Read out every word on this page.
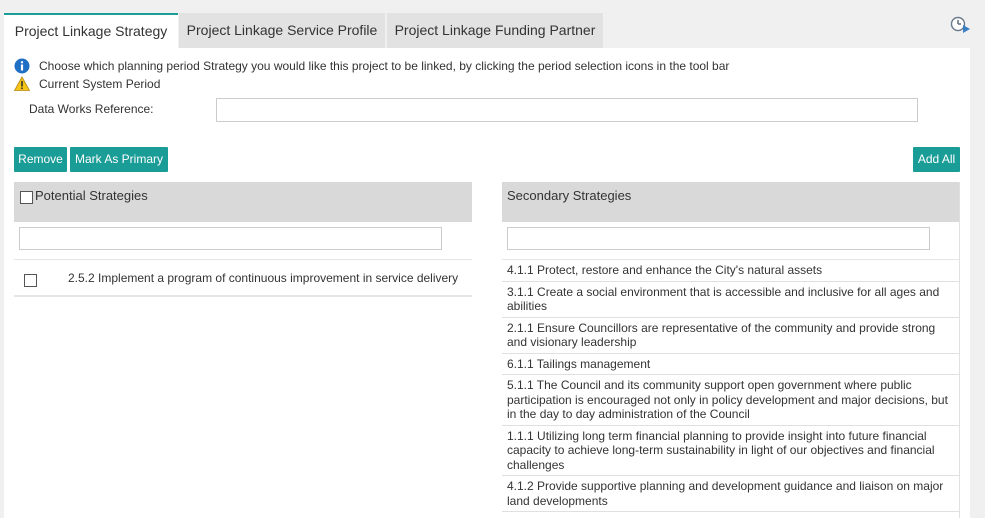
Project Linkage Strategy	Project Linkage Service Profile	Project Linkage Funding Partner
Choose which planning period Strategy you would like this project to be linked, by clicking the period selection icons in the tool bar
Current System Period
Data Works Reference:
Remove	Mark As Primary	Add All
Potential Strategies
2.5.2 Implement a program of continuous improvement in service delivery
Secondary Strategies
4.1.1 Protect, restore and enhance the City's natural assets
3.1.1 Create a social environment that is accessible and inclusive for all ages and abilities
2.1.1 Ensure Councillors are representative of the community and provide strong and visionary leadership
6.1.1 Tailings management
5.1.1 The Council and its community support open government where public participation is encouraged not only in policy development and major decisions, but in the day to day administration of the Council
1.1.1 Utilizing long term financial planning to provide insight into future financial capacity to achieve long-term sustainability in light of our objectives and financial challenges
4.1.2 Provide supportive planning and development guidance and liaison on major land developments
